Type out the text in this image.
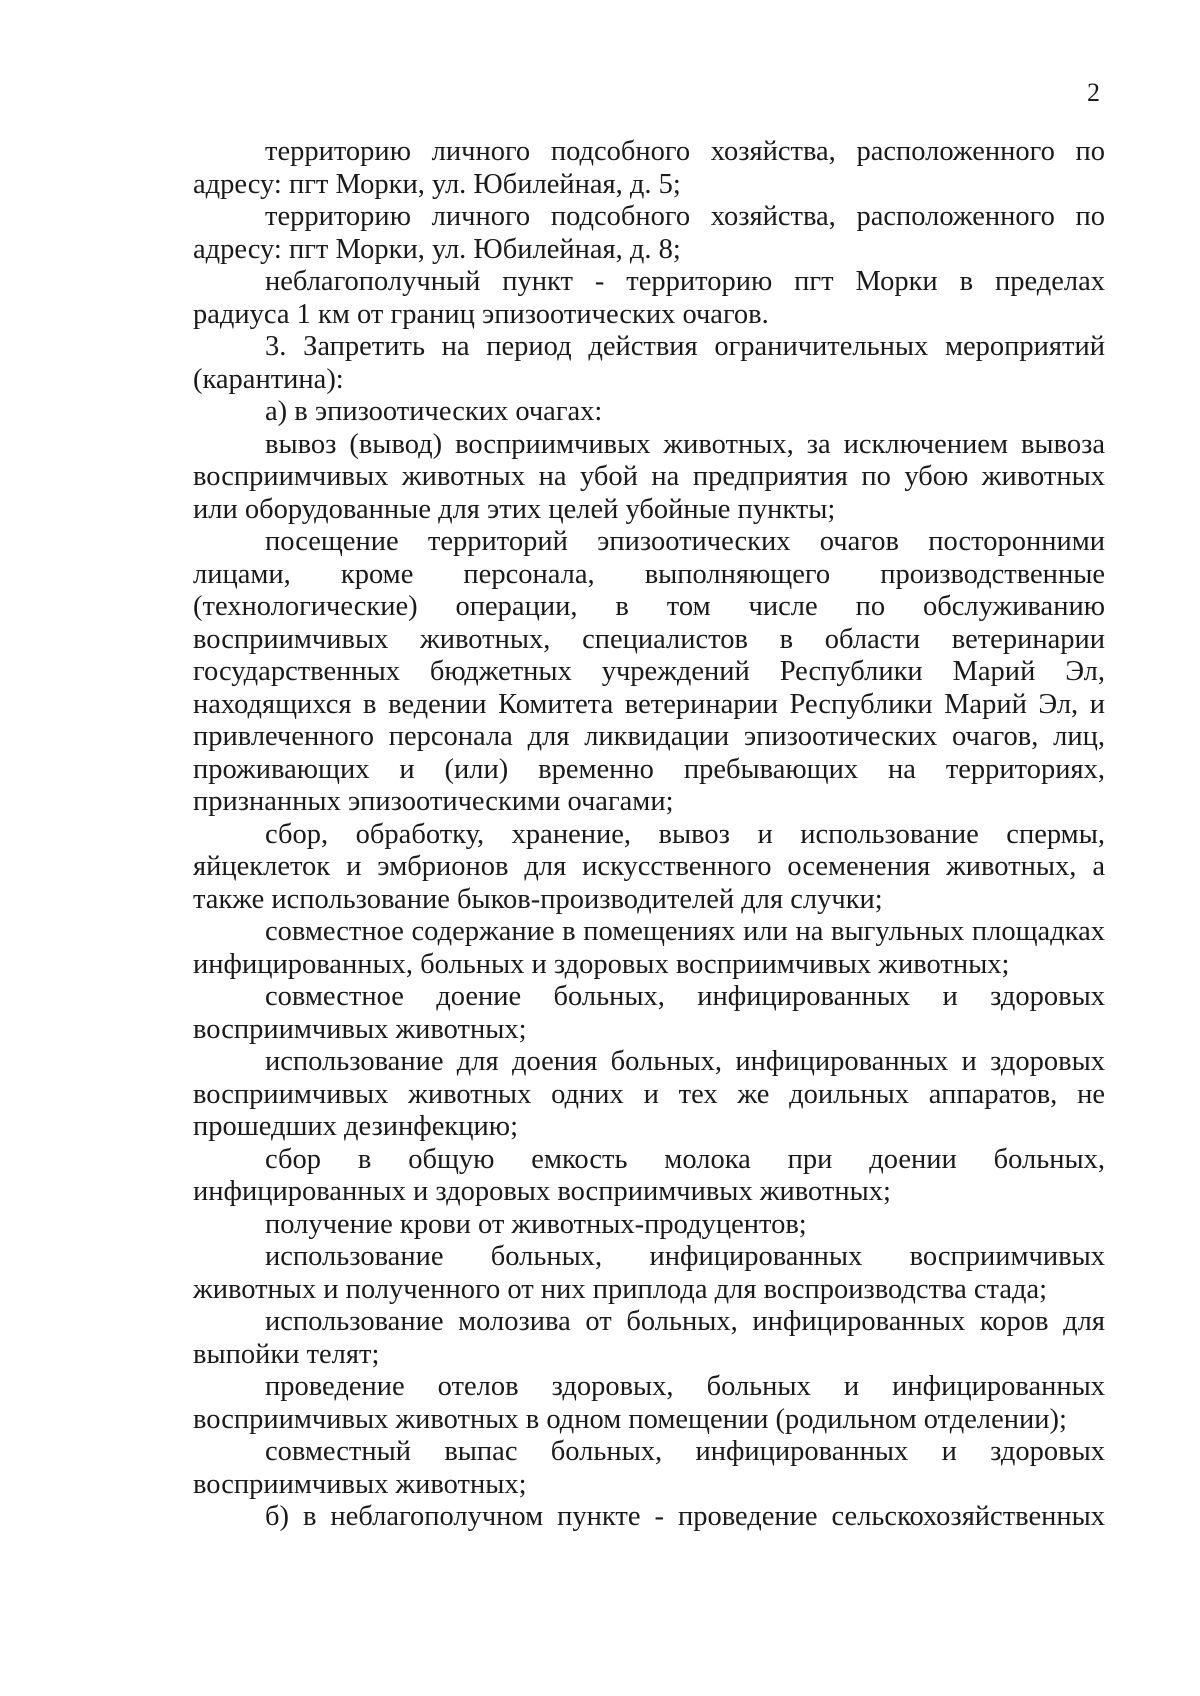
2

территорию личного подсобного хозяйства, расположенного по адресу: пгт Морки, ул. Юбилейная, д. 5;

территорию личного подсобного хозяйства, расположенного по адресу: пгт Морки, ул. Юбилейная, д. 8;

неблагополучный пункт - территорию пгт Морки в пределах радиуса 1 км от границ эпизоотических очагов.

3. Запретить на период действия ограничительных мероприятий (карантина):

а) в эпизоотических очагах:

вывоз (вывод) восприимчивых животных, за исключением вывоза восприимчивых животных на убой на предприятия по убою животных или оборудованные для этих целей убойные пункты;

посещение территорий эпизоотических очагов посторонними лицами, кроме персонала, выполняющего производственные (технологические) операции, в том числе по обслуживанию восприимчивых животных, специалистов в области ветеринарии государственных бюджетных учреждений Республики Марий Эл, находящихся в ведении Комитета ветеринарии Республики Марий Эл, и привлеченного персонала для ликвидации эпизоотических очагов, лиц, проживающих и (или) временно пребывающих на территориях, признанных эпизоотическими очагами;

сбор, обработку, хранение, вывоз и использование спермы, яйцеклеток и эмбрионов для искусственного осеменения животных, а также использование быков-производителей для случки;

совместное содержание в помещениях или на выгульных площадках инфицированных, больных и здоровых восприимчивых животных;

совместное доение больных, инфицированных и здоровых восприимчивых животных;

использование для доения больных, инфицированных и здоровых восприимчивых животных одних и тех же доильных аппаратов, не прошедших дезинфекцию;

сбор в общую емкость молока при доении больных, инфицированных и здоровых восприимчивых животных;

получение крови от животных-продуцентов;

использование больных, инфицированных восприимчивых животных и полученного от них приплода для воспроизводства стада;

использование молозива от больных, инфицированных коров для выпойки телят;

проведение отелов здоровых, больных и инфицированных восприимчивых животных в одном помещении (родильном отделении);

совместный выпас больных, инфицированных и здоровых восприимчивых животных;

б) в неблагополучном пункте - проведение сельскохозяйственных
